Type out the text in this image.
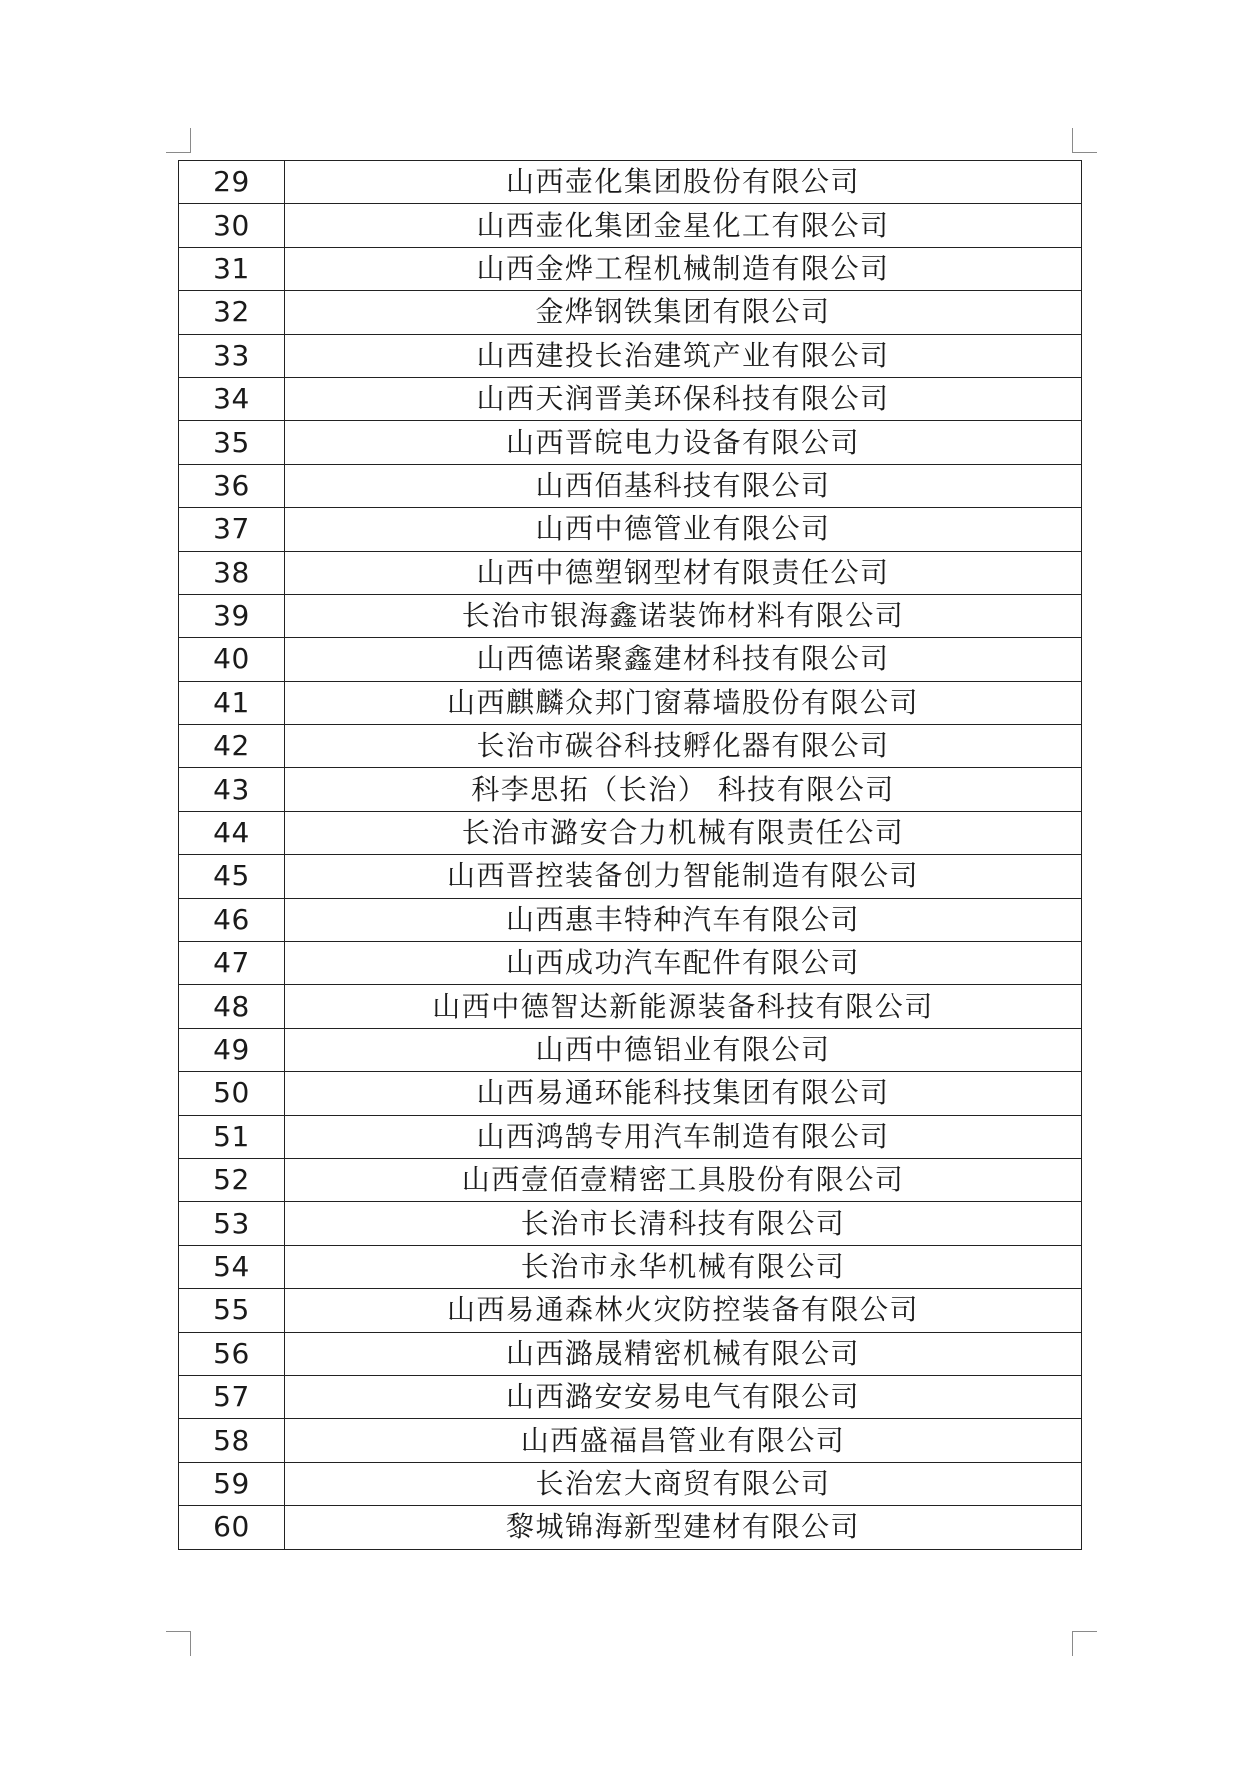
29	山西壶化集团股份有限公司
30	山西壶化集团金星化工有限公司
31	山西金烨工程机械制造有限公司
32	金烨钢铁集团有限公司
33	山西建投长治建筑产业有限公司
34	山西天润晋美环保科技有限公司
35	山西晋皖电力设备有限公司
36	山西佰基科技有限公司
37	山西中德管业有限公司
38	山西中德塑钢型材有限责任公司
39	长治市银海鑫诺装饰材料有限公司
40	山西德诺聚鑫建材科技有限公司
41	山西麒麟众邦门窗幕墙股份有限公司
42	长治市碳谷科技孵化器有限公司
43	科李思拓（长治） 科技有限公司
44	长治市潞安合力机械有限责任公司
45	山西晋控装备创力智能制造有限公司
46	山西惠丰特种汽车有限公司
47	山西成功汽车配件有限公司
48	山西中德智达新能源装备科技有限公司
49	山西中德铝业有限公司
50	山西易通环能科技集团有限公司
51	山西鸿鹄专用汽车制造有限公司
52	山西壹佰壹精密工具股份有限公司
53	长治市长清科技有限公司
54	长治市永华机械有限公司
55	山西易通森林火灾防控装备有限公司
56	山西潞晟精密机械有限公司
57	山西潞安安易电气有限公司
58	山西盛福昌管业有限公司
59	长治宏大商贸有限公司
60	黎城锦海新型建材有限公司
